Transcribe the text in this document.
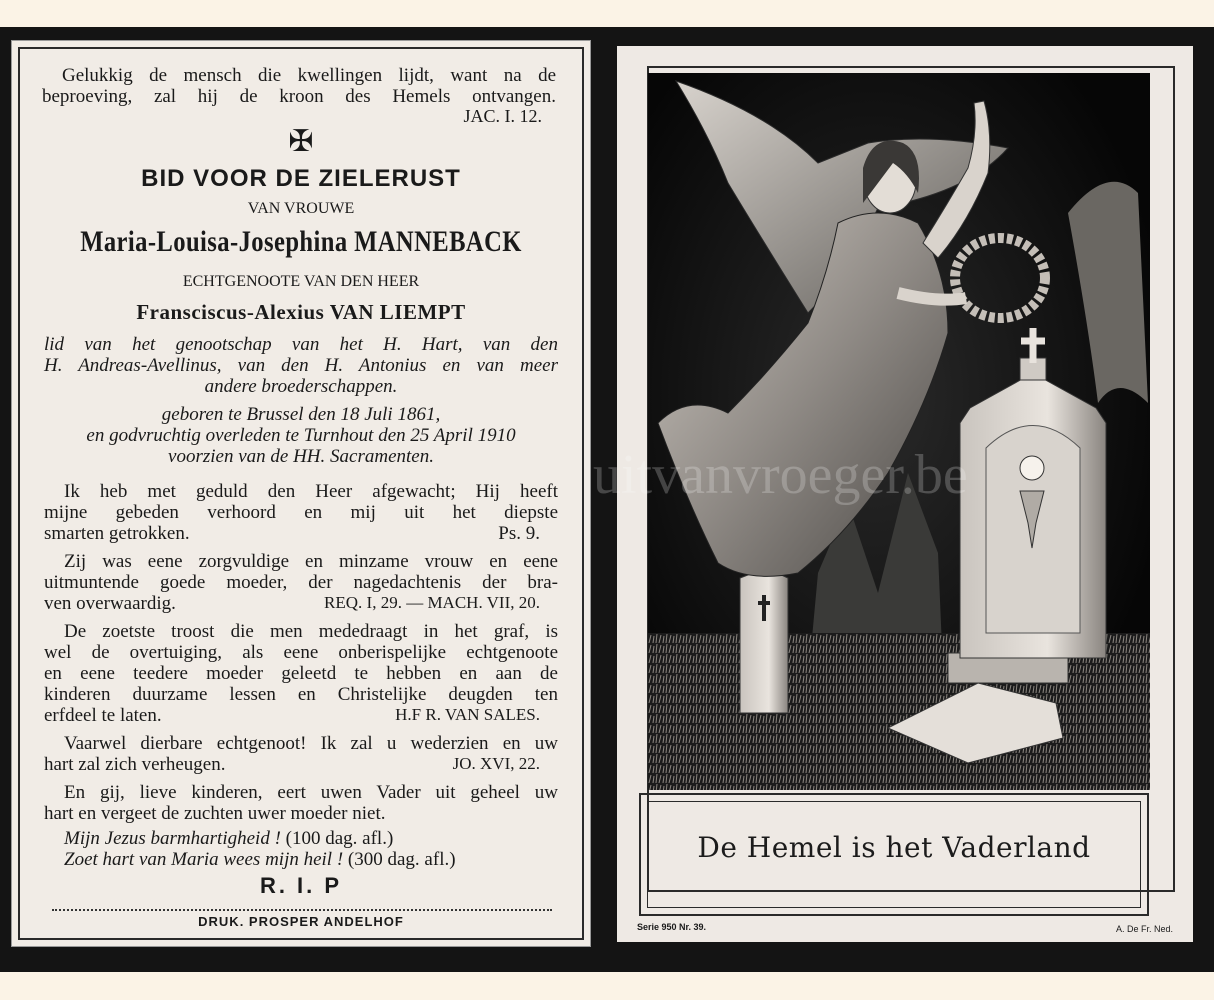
Gelukkig de mensch die kwellingen lijdt, want na de
beproeving, zal hij de kroon des Hemels ontvangen.
JAC. I. 12.
✠
BID VOOR DE ZIELERUST
VAN VROUWE
Maria-Louisa-Josephina MANNEBACK
ECHTGENOOTE VAN DEN HEER
Fransciscus-Alexius VAN LIEMPT
lid van het genootschap van het H. Hart, van den
H. Andreas-Avellinus, van den H. Antonius en van meer
andere broederschappen.
geboren te Brussel den 18 Juli 1861,
en godvruchtig overleden te Turnhout den 25 April 1910
voorzien van de HH. Sacramenten.
Ik heb met geduld den Heer afgewacht; Hij heeft
mijne gebeden verhoord en mij uit het diepste
smarten getrokken.	Ps. 9.
Zij was eene zorgvuldige en minzame vrouw en eene
uitmuntende goede moeder, der nagedachtenis der bra-
ven overwaardig.	REQ. I, 29. — MACH. VII, 20.
De zoetste troost die men mededraagt in het graf, is
wel de overtuiging, als eene onberispelijke echtgenoote
en eene teedere moeder geleetd te hebben en aan de
kinderen duurzame lessen en Christelijke deugden ten
erfdeel te laten.	H.F R. VAN SALES.
Vaarwel dierbare echtgenoot! Ik zal u wederzien en uw
hart zal zich verheugen.	JO. XVI, 22.
En gij, lieve kinderen, eert uwen Vader uit geheel uw
hart en vergeet de zuchten uwer moeder niet.
Mijn Jezus barmhartigheid ! (100 dag. afl.)
Zoet hart van Maria wees mijn heil ! (300 dag. afl.)
R. I. P
DRUK. PROSPER ANDELHOF	Serie 950 Nr. 39.	A. De Fr. Ned.
uitvanvroeger.be
De Hemel is het Vaderland
